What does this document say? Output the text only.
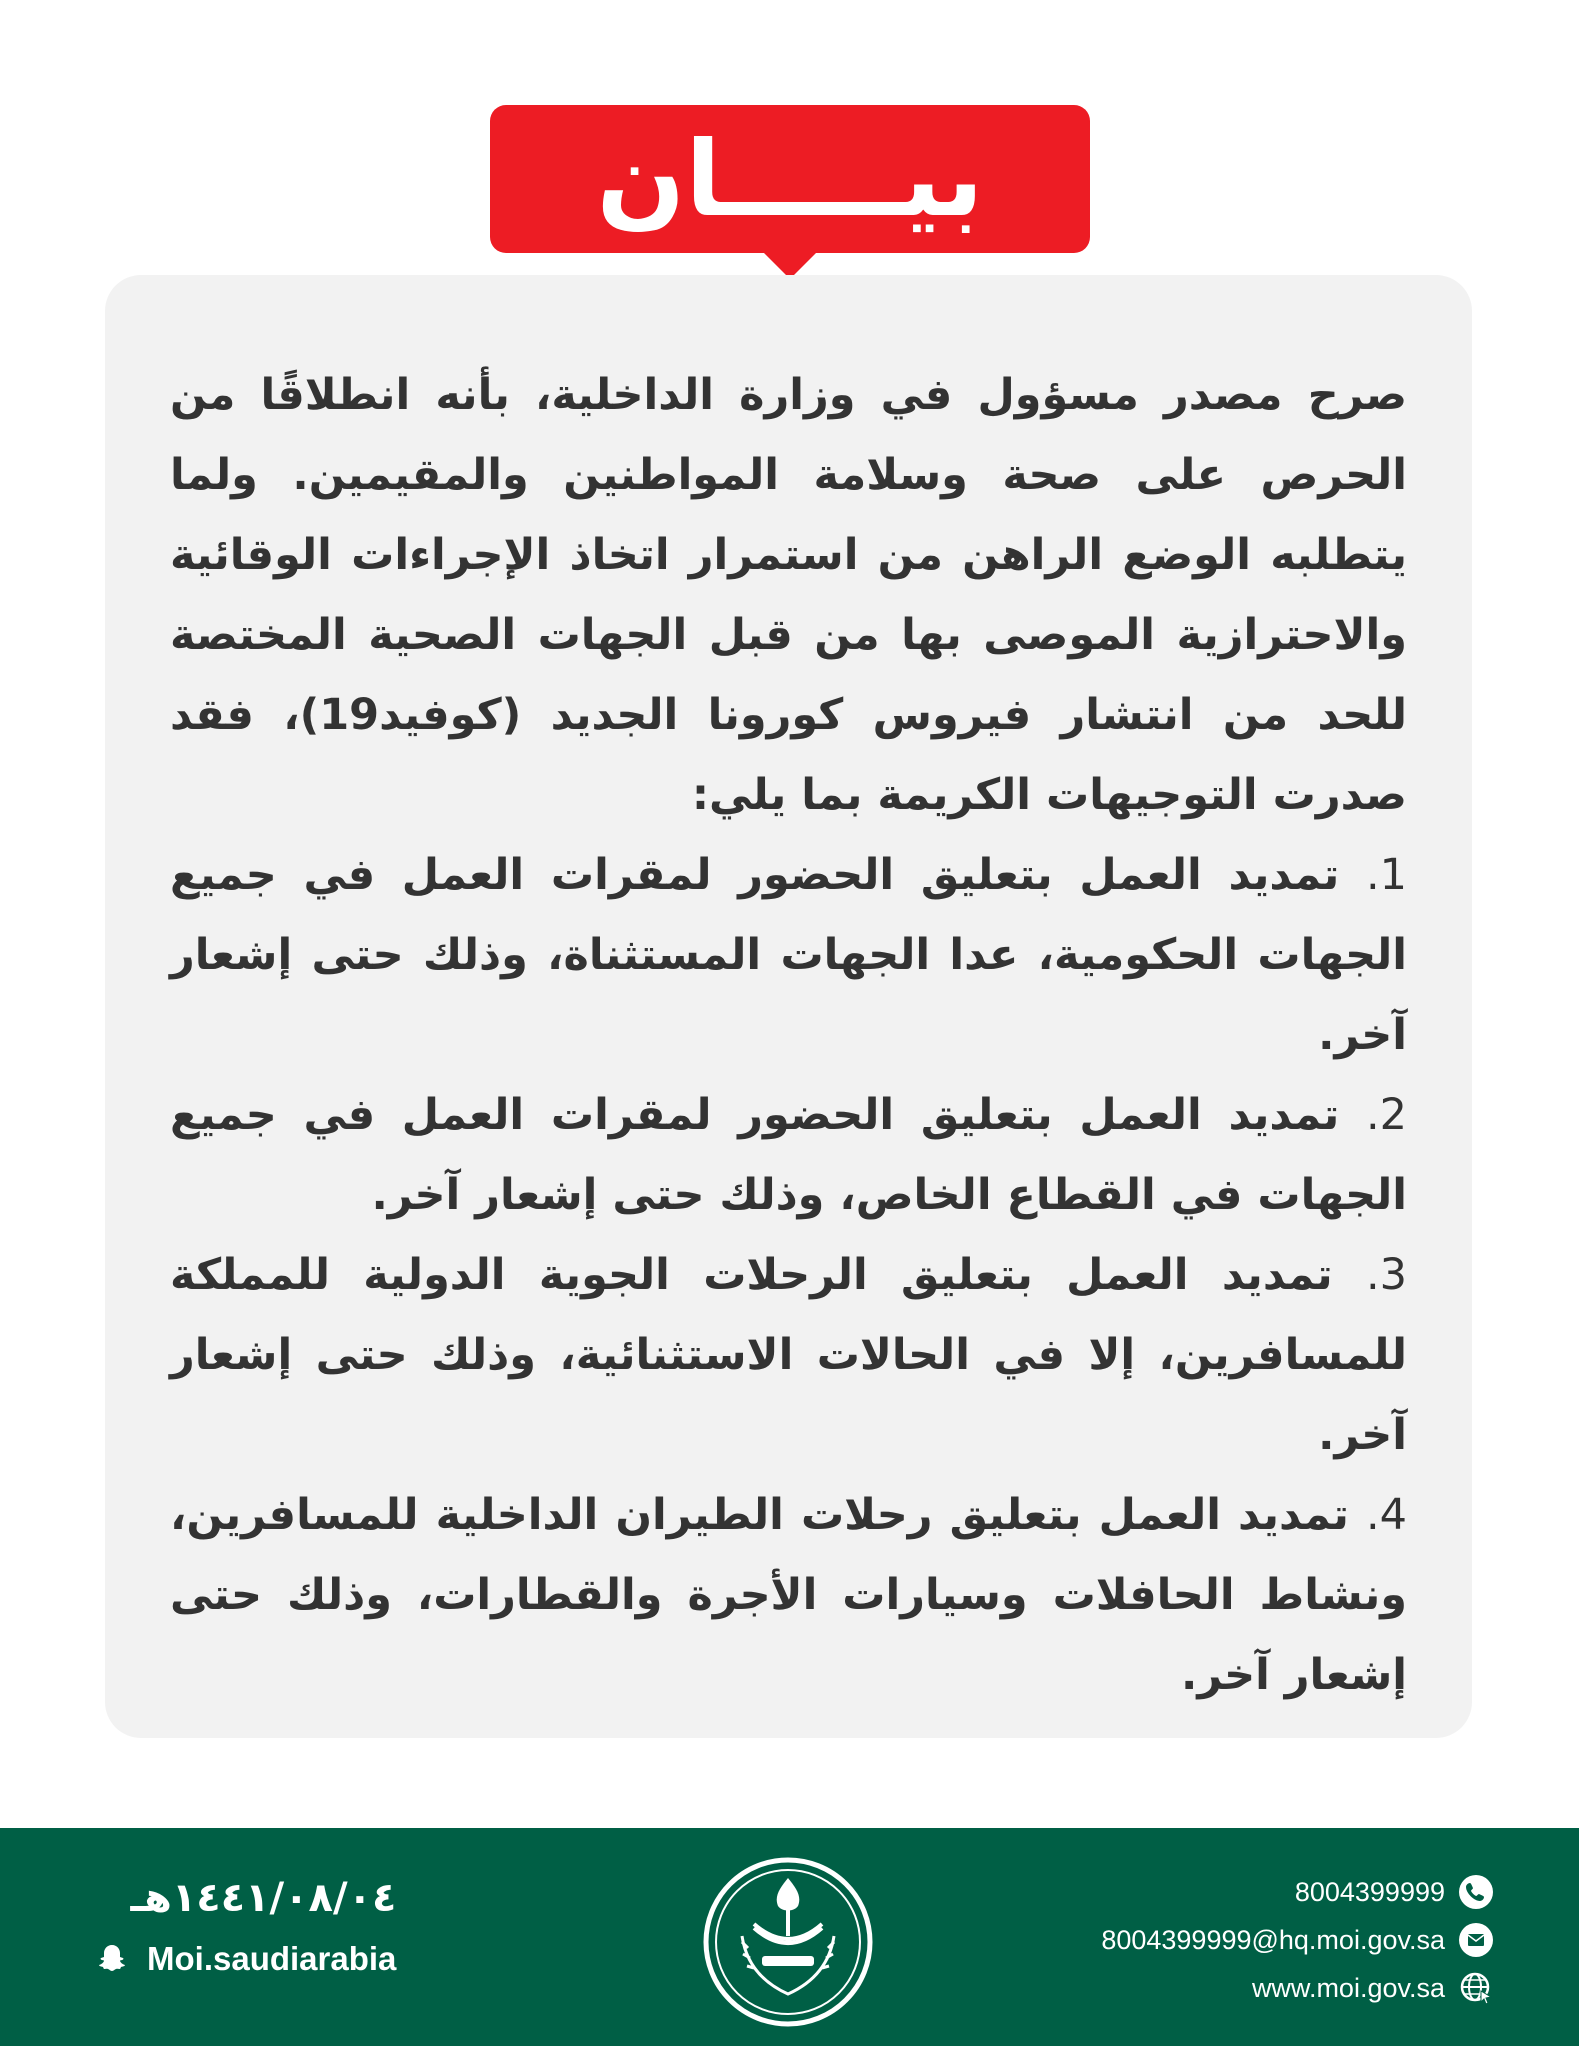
بيـــــان

صرح مصدر مسؤول في وزارة الداخلية، بأنه انطلاقًا من الحرص على صحة وسلامة المواطنين والمقيمين. ولما يتطلبه الوضع الراهن من استمرار اتخاذ الإجراءات الوقائية والاحترازية الموصى بها من قبل الجهات الصحية المختصة للحد من انتشار فيروس كورونا الجديد (كوفيد19)، فقد صدرت التوجيهات الكريمة بما يلي:

1. تمديد العمل بتعليق الحضور لمقرات العمل في جميع الجهات الحكومية، عدا الجهات المستثناة، وذلك حتى إشعار آخر.

2. تمديد العمل بتعليق الحضور لمقرات العمل في جميع الجهات في القطاع الخاص، وذلك حتى إشعار آخر.

3. تمديد العمل بتعليق الرحلات الجوية الدولية للمملكة للمسافرين، إلا في الحالات الاستثنائية، وذلك حتى إشعار آخر.

4. تمديد العمل بتعليق رحلات الطيران الداخلية للمسافرين، ونشاط الحافلات وسيارات الأجرة والقطارات، وذلك حتى إشعار آخر.

١٤٤١/٠٨/٠٤هـ
Moi.saudiarabia
8004399999
8004399999@hq.moi.gov.sa
www.moi.gov.sa
